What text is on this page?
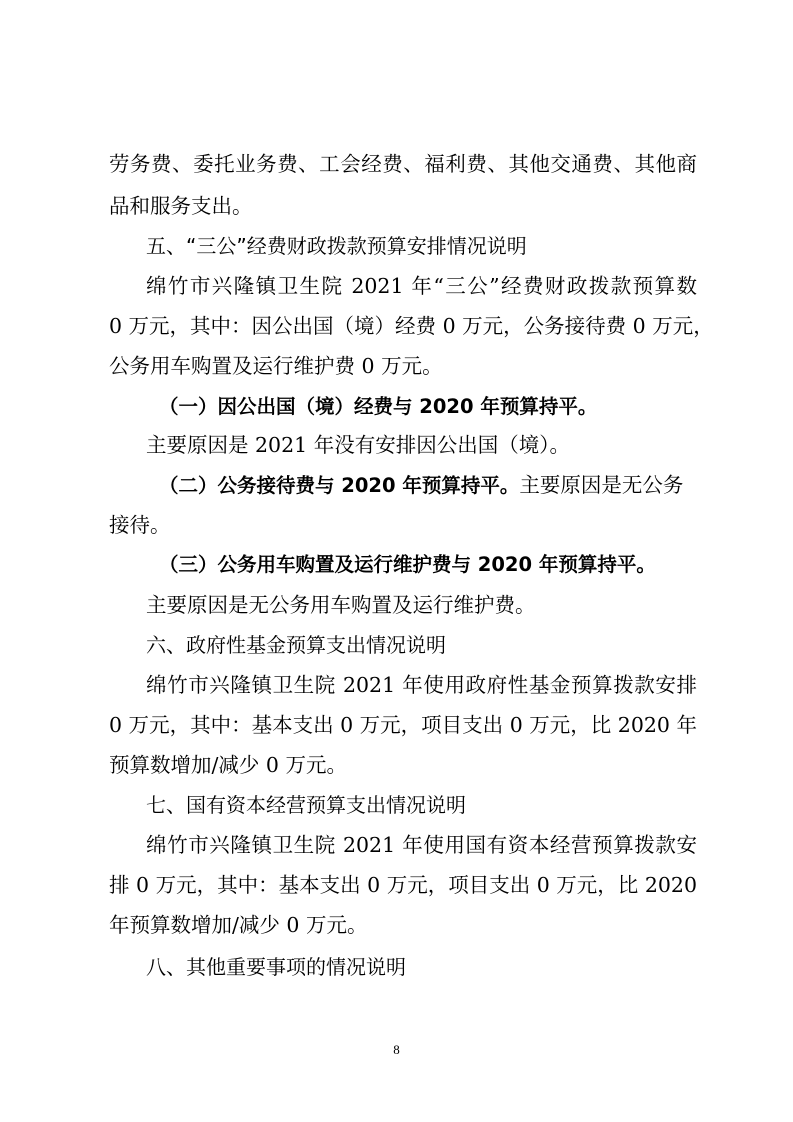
劳务费、委托业务费、工会经费、福利费、其他交通费、其他商
品和服务支出。
五、“三公”经费财政拨款预算安排情况说明
绵竹市兴隆镇卫生院 2021 年“三公”经费财政拨款预算数
0 万元，其中：因公出国（境）经费 0 万元，公务接待费 0 万元，
公务用车购置及运行维护费 0 万元。
（一）因公出国（境）经费与 2020 年预算持平。
主要原因是 2021 年没有安排因公出国（境）。
（二）公务接待费与 2020 年预算持平。主要原因是无公务
接待。
（三）公务用车购置及运行维护费与 2020 年预算持平。
主要原因是无公务用车购置及运行维护费。
六、政府性基金预算支出情况说明
绵竹市兴隆镇卫生院 2021 年使用政府性基金预算拨款安排
0 万元，其中：基本支出 0 万元，项目支出 0 万元，比 2020 年
预算数增加/减少 0 万元。
七、国有资本经营预算支出情况说明
绵竹市兴隆镇卫生院 2021 年使用国有资本经营预算拨款安
排 0 万元，其中：基本支出 0 万元，项目支出 0 万元，比 2020
年预算数增加/减少 0 万元。
八、其他重要事项的情况说明
8
